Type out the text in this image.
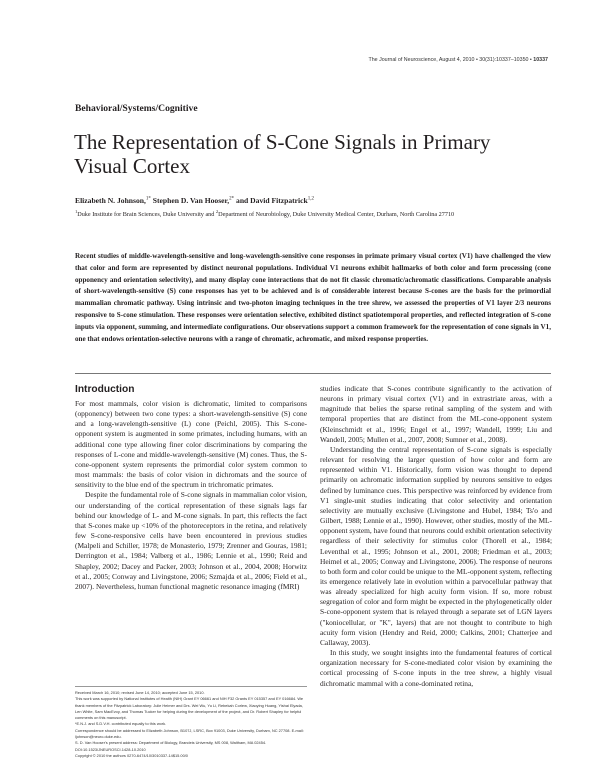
The Journal of Neuroscience, August 4, 2010 • 30(31):10337–10350 • 10337
Behavioral/Systems/Cognitive
The Representation of S-Cone Signals in Primary Visual Cortex
Elizabeth N. Johnson,$^{1*}$ Stephen D. Van Hooser,$^{2*}$ and David Fitzpatrick$^{1,2}$
$^1$Duke Institute for Brain Sciences, Duke University and $^2$Department of Neurobiology, Duke University Medical Center, Durham, North Carolina 27710
Recent studies of middle-wavelength-sensitive and long-wavelength-sensitive cone responses in primate primary visual cortex (V1) have challenged the view that color and form are represented by distinct neuronal populations. Individual V1 neurons exhibit hallmarks of both color and form processing (cone opponency and orientation selectivity), and many display cone interactions that do not fit classic chromatic/achromatic classifications. Comparable analysis of short-wavelength-sensitive (S) cone responses has yet to be achieved and is of considerable interest because S-cones are the basis for the primordial mammalian chromatic pathway. Using intrinsic and two-photon imaging techniques in the tree shrew, we assessed the properties of V1 layer 2/3 neurons responsive to S-cone stimulation. These responses were orientation selective, exhibited distinct spatiotemporal properties, and reflected integration of S-cone inputs via opponent, summing, and intermediate configurations. Our observations support a common framework for the representation of cone signals in V1, one that endows orientation-selective neurons with a range of chromatic, achromatic, and mixed response properties.
Introduction

For most mammals, color vision is dichromatic, limited to comparisons (opponency) between two cone types: a short-wavelength-sensitive (S) cone and a long-wavelength-sensitive (L) cone (Peichl, 2005). This S-cone-opponent system is augmented in some primates, including humans, with an additional cone type allowing finer color discriminations by comparing the responses of L-cone and middle-wavelength-sensitive (M) cones. Thus, the S-cone-opponent system represents the primordial color system common to most mammals: the basis of color vision in dichromats and the source of sensitivity to the blue end of the spectrum in trichromatic primates.

Despite the fundamental role of S-cone signals in mammalian color vision, our understanding of the cortical representation of these signals lags far behind our knowledge of L- and M-cone signals. In part, this reflects the fact that S-cones make up <10% of the photoreceptors in the retina, and relatively few S-cone-responsive cells have been encountered in previous studies (Malpeli and Schiller, 1978; de Monasterio, 1979; Zrenner and Gouras, 1981; Derrington et al., 1984; Valberg et al., 1986; Lennie et al., 1990; Reid and Shapley, 2002; Dacey and Packer, 2003; Johnson et al., 2004, 2008; Horwitz et al., 2005; Conway and Livingstone, 2006; Szmajda et al., 2006; Field et al., 2007). Nevertheless, human functional magnetic resonance imaging (fMRI)

studies indicate that S-cones contribute significantly to the activation of neurons in primary visual cortex (V1) and in extrastriate areas, with a magnitude that belies the sparse retinal sampling of the system and with temporal properties that are distinct from the ML-cone-opponent system (Kleinschmidt et al., 1996; Engel et al., 1997; Wandell, 1999; Liu and Wandell, 2005; Mullen et al., 2007, 2008; Sumner et al., 2008).

Understanding the central representation of S-cone signals is especially relevant for resolving the larger question of how color and form are represented within V1. Historically, form vision was thought to depend primarily on achromatic information supplied by neurons sensitive to edges defined by luminance cues. This perspective was reinforced by evidence from V1 single-unit studies indicating that color selectivity and orientation selectivity are mutually exclusive (Livingstone and Hubel, 1984; Ts'o and Gilbert, 1988; Lennie et al., 1990). However, other studies, mostly of the ML-opponent system, have found that neurons could exhibit orientation selectivity regardless of their selectivity for stimulus color (Thorell et al., 1984; Leventhal et al., 1995; Johnson et al., 2001, 2008; Friedman et al., 2003; Heimel et al., 2005; Conway and Livingstone, 2006). The response of neurons to both form and color could be unique to the ML-opponent system, reflecting its emergence relatively late in evolution within a parvocellular pathway that was already specialized for high acuity form vision. If so, more robust segregation of color and form might be expected in the phylogenetically older S-cone-opponent system that is relayed through a separate set of LGN layers ("koniocellular, or "K", layers) that are not thought to contribute to high acuity form vision (Hendry and Reid, 2000; Calkins, 2001; Chatterjee and Callaway, 2003).

In this study, we sought insights into the fundamental features of cortical organization necessary for S-cone-mediated color vision by examining the cortical processing of S-cone inputs in the tree shrew, a highly visual dichromatic mammal with a cone-dominated retina,

Received March 16, 2010; revised June 14, 2010; accepted June 15, 2010.
This work was supported by National Institutes of Health (NIH) Grant EY 06661 and NIH F32 Grants EY 015357 and EY 016684. We thank members of the Fitzpatrick Laboratory: Julie Heimer and Drs. Wei Wu, Yu Li, Rebekah Corlew, Xiaoying Huang, Yishai Elyada, Len White, Sam MacEvoy, and Thomas Tucker for helping during the development of the project, and Dr. Robert Shapley for helpful comments on this manuscript.
*E.N.J. and S.D.V.H. contributed equally to this work.
Correspondence should be addressed to Elizabeth Johnson, B107J, LSRC, Box 91003, Duke University, Durham, NC 27708. E-mail: ljohnson@neuro.duke.edu.
S. D. Van Hooser's present address: Department of Biology, Brandeis University, MS 008, Waltham, MA 02454.
DOI:10.1523/JNEUROSCI.1428-10.2010
Copyright © 2010 the authors 0270-6474/10/3010337-14$15.00/0
